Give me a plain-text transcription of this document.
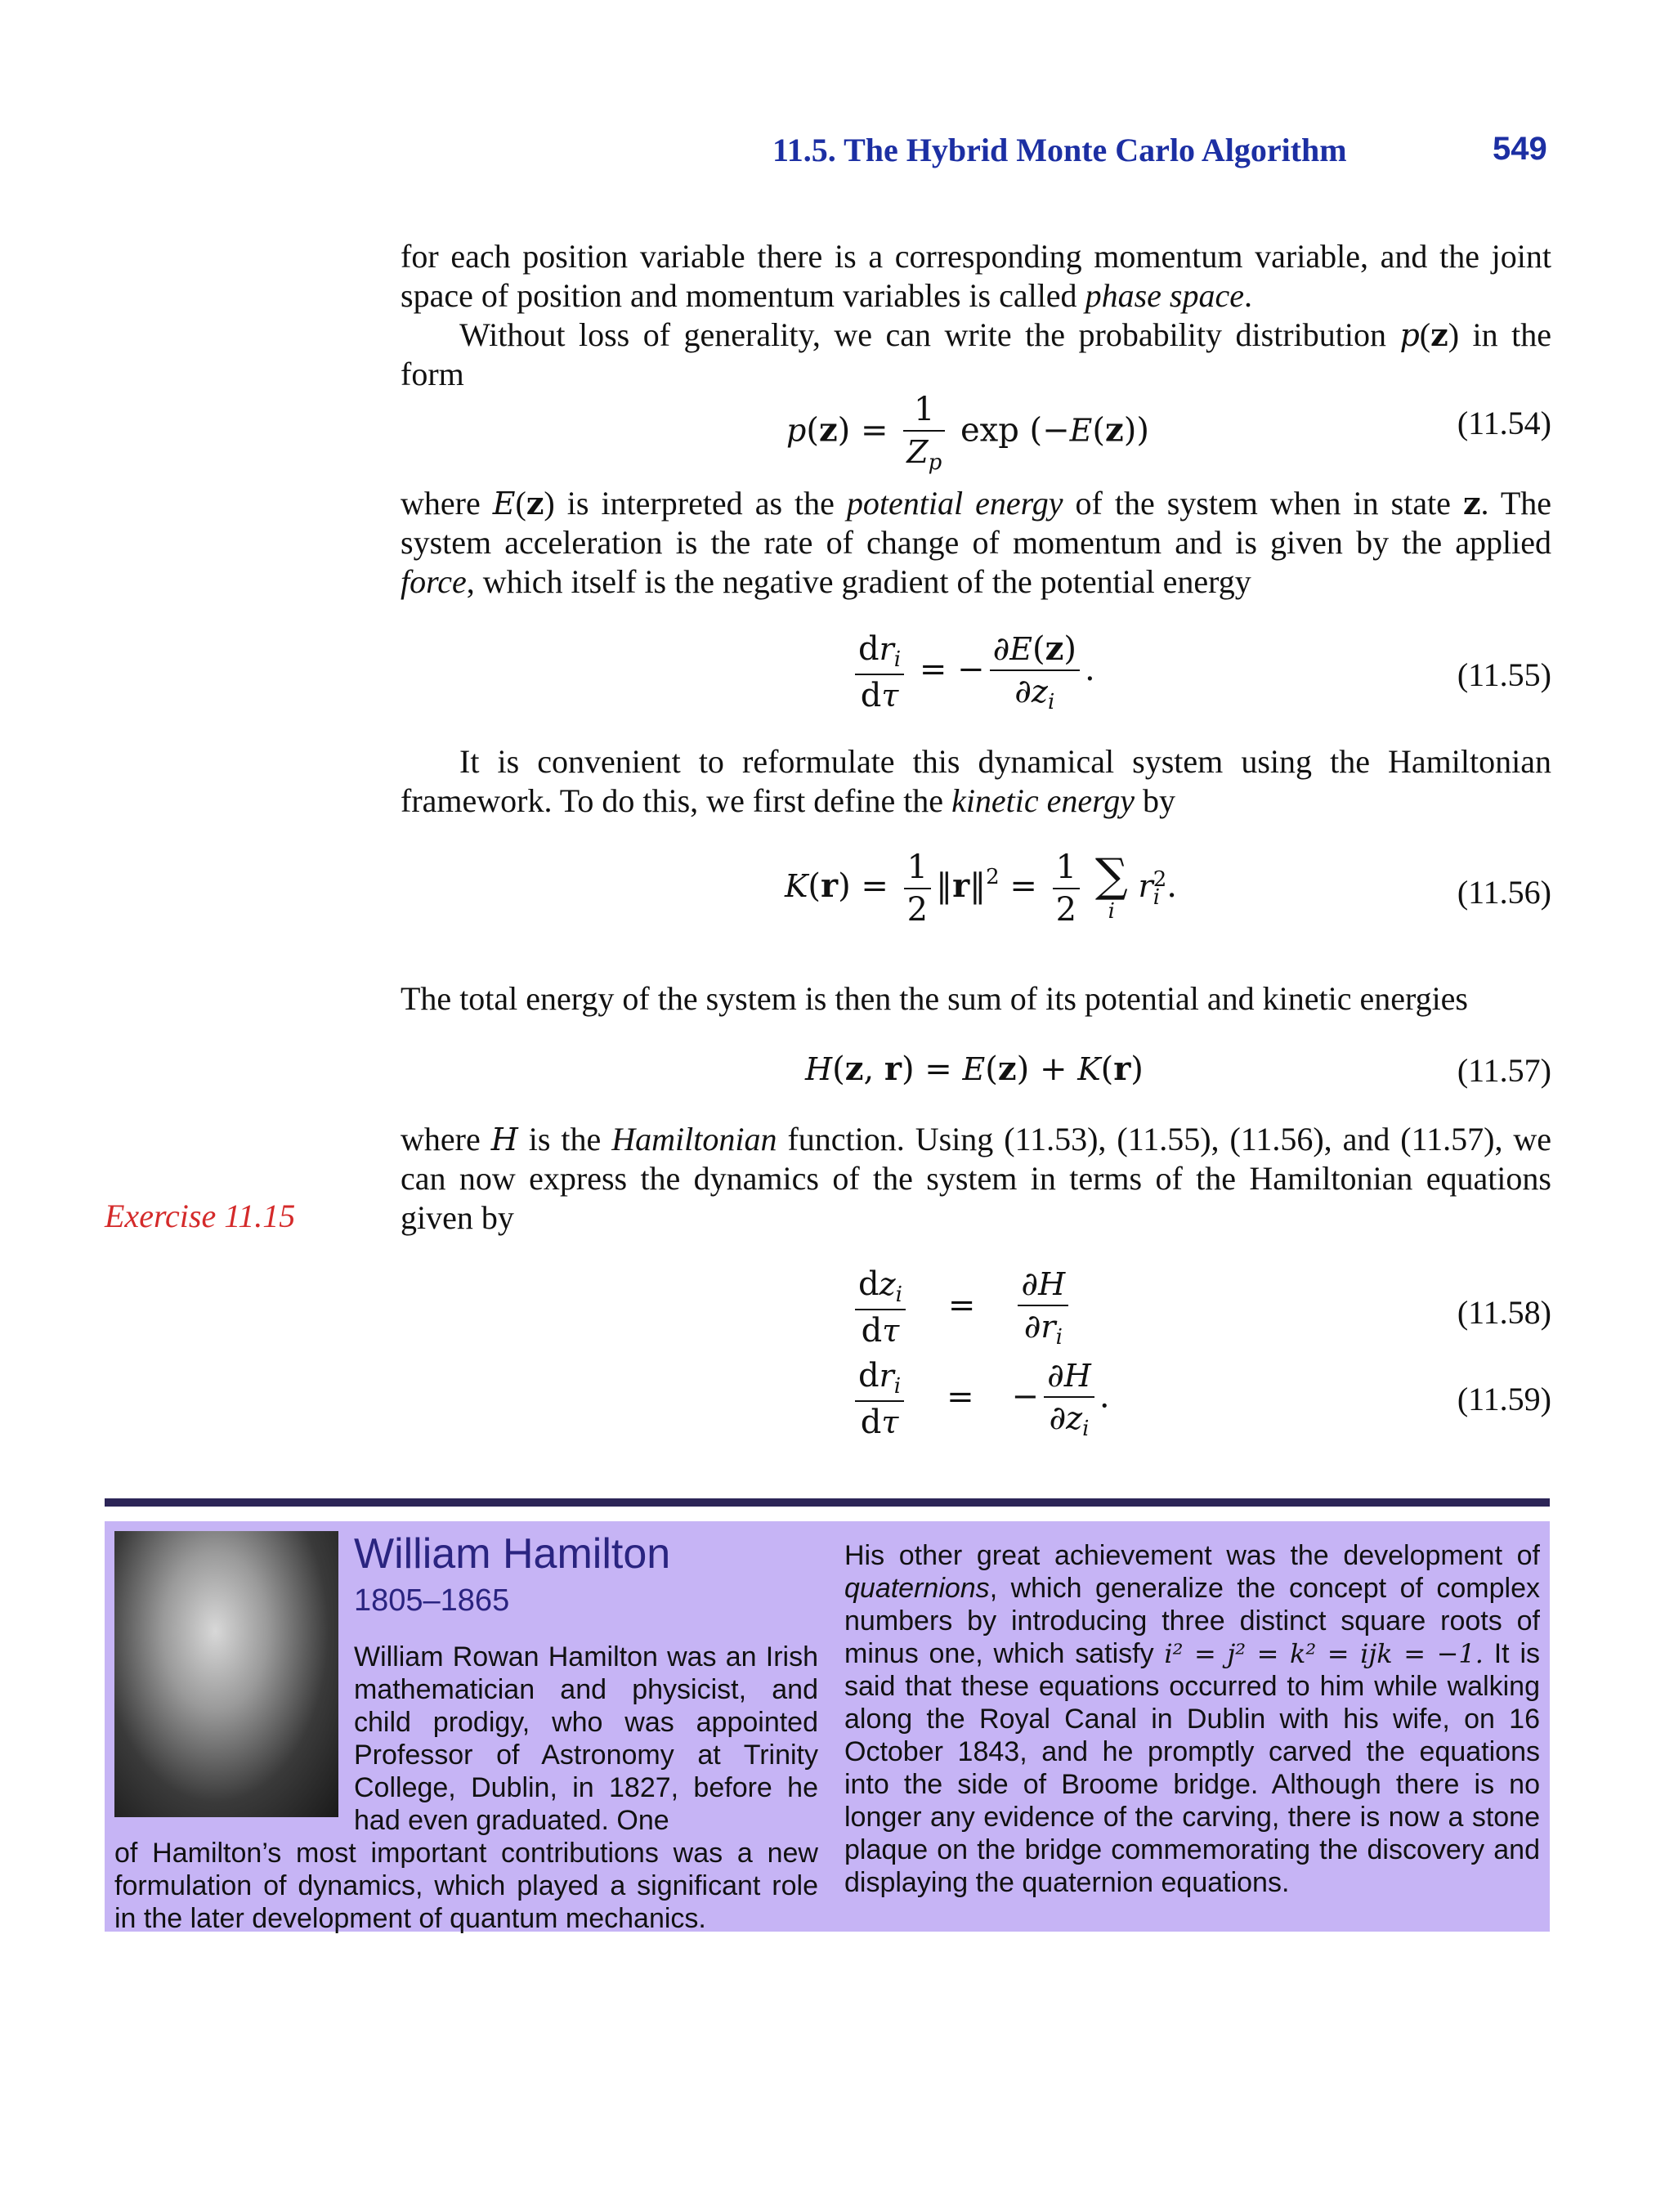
11.5. The Hybrid Monte Carlo Algorithm	549
for each position variable there is a corresponding momentum variable, and the joint space of position and momentum variables is called phase space.
Without loss of generality, we can write the probability distribution p(z) in the form
$p(z) = \frac{1}{Z_p}$ exp (−E(z))	(11.54)
where E(z) is interpreted as the potential energy of the system when in state z. The system acceleration is the rate of change of momentum and is given by the applied force, which itself is the negative gradient of the potential energy
$\frac{dr_i}{d\tau}$ = − $\frac{\partial E(z)}{\partial z_i}$ .	(11.55)
It is convenient to reformulate this dynamical system using the Hamiltonian framework. To do this, we first define the kinetic energy by
$K(r) = \frac{1}{2}$ ‖r‖$^2$ = $\frac{1}{2}$
∑
i
r 2
i .	(11.56)
The total energy of the system is then the sum of its potential and kinetic energies
H(z, r) = E(z) + K(r)	(11.57)
where H is the Hamiltonian function. Using (11.53), (11.55), (11.56), and (11.57), we can now express the dynamics of the system in terms of the Hamiltonian equations given by
Exercise 11.15
$\frac{dz_i}{d\tau} = \frac{\partial H}{\partial r_i}$	(11.58)
$\frac{dr_i}{d\tau}$ = − $\frac{\partial H}{\partial z_i}$ .	(11.59)
William Hamilton
1805–1865
William Rowan Hamilton was an Irish mathematician and physicist, and child prodigy, who was appointed Professor of Astronomy at Trinity College, Dublin, in 1827, before he had even graduated. One
of Hamilton’s most important contributions was a new formulation of dynamics, which played a significant role in the later development of quantum mechanics.
His other great achievement was the development of quaternions, which generalize the concept of complex numbers by introducing three distinct square roots of minus one, which satisfy i² = j² = k² = ijk = −1. It is said that these equations occurred to him while walking along the Royal Canal in Dublin with his wife, on 16 October 1843, and he promptly carved the equations into the side of Broome bridge. Although there is no longer any evidence of the carving, there is now a stone plaque on the bridge commemorating the discovery and displaying the quaternion equations.
